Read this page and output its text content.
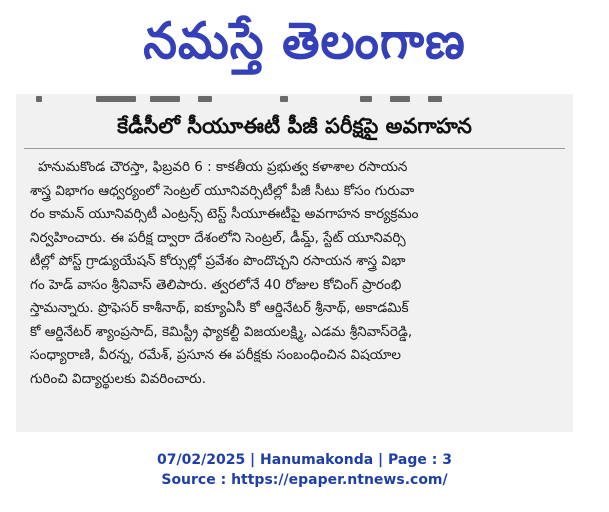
నమస్తే తెలంగాణ
కేడీసీలో సీయూఈటీ పీజీ పరీక్షపై అవగాహన
హనుమకొండ చౌరస్తా, ఫిబ్రవరి 6 : కాకతీయ ప్రభుత్వ కళాశాల రసాయన
శాస్త్ర విభాగం ఆధ్వర్యంలో సెంట్రల్ యూనివర్సిటీల్లో పీజీ సీటు కోసం గురువా
రం కామన్ యూనివర్సిటీ ఎంట్రన్స్ టెస్ట్ సీయూఈటీపై అవగాహన కార్యక్రమం
నిర్వహించారు. ఈ పరీక్ష ద్వారా దేశంలోని సెంట్రల్, డీమ్డ్, స్టేట్ యూనివర్సి
టీల్లో పోస్ట్ గ్రాడ్యుయేషన్ కోర్సుల్లో ప్రవేశం పొందొచ్చని రసాయన శాస్త్ర విభా
గం హెడ్ వాసం శ్రీనివాస్ తెలిపారు. త్వరలోనే 40 రోజుల కోచింగ్ ప్రారంభి
స్తామన్నారు. ప్రొఫెసర్ కాశీనాథ్, ఐక్యూఏసీ కో ఆర్డినేటర్ శ్రీనాథ్, అకాడమిక్
కో ఆర్డినేటర్ శ్యాంప్రసాద్, కెమిస్ట్రీ ఫ్యాకల్టీ విజయలక్ష్మి, ఎడమ శ్రీనివాస్‌రెడ్డి,
సంధ్యారాణి, వీరన్న, రమేశ్, ప్రసూన ఈ పరీక్షకు సంబంధించిన విషయాల
గురించి విద్యార్థులకు వివరించారు.
07/02/2025 | Hanumakonda | Page : 3
Source : https://epaper.ntnews.com/
